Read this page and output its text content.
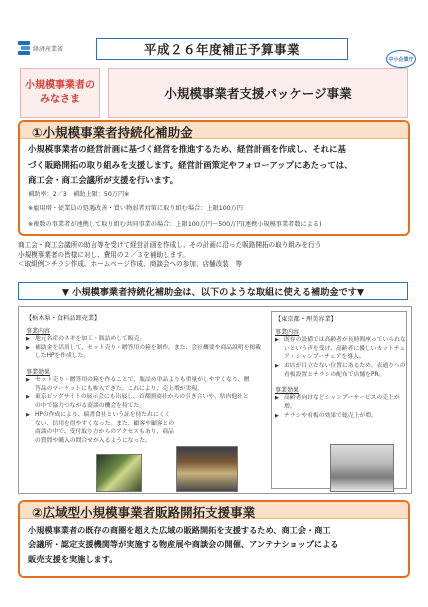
経済産業省	平成２６年度補正予算事業
中小企業庁
小規模事業者の
みなさま	小規模事業者支援パッケージ事業
①小規模事業者持続化補助金
小規模事業者の経営計画に基づく経営を推進するため、経営計画を作成し、それに基
づく販路開拓の取り組みを支援します。経営計画策定やフォローアップにあたっては、
商工会・商工会議所が支援を行います。
補助率：2／3　補助上限：50万円※
※雇用増・従業員の処遇改善・買い物弱者対策に取り組む場合：上限100万円
※複数の事業者が連携して取り組む共同事業の場合：上限100万円～500万円(連携小規模事業者数による)
商工会・商工会議所の助言等を受けて経営計画を作成し、その計画に沿った販路開拓の取り組みを行う
小規模事業者の皆様に対し、費用の２／３を補助します。
＜取組例＞チラシ作成、ホームページ作成、商談会への参加、店舗改装　等
▼ 小規模事業者持続化補助金は、以下のような取組に使える補助金です▼
【栃木県・食料品卸売業】
事業内容
▶ 地元名産のネギを加工・瓶詰めして販売。
▶ 補助金を活用して、セット売り・贈答用の箱を制作。また、会社概要や商品説明を掲載したHPを作成した。
事業効果
▶ セット売り・贈答用の箱を作ることで、瓶詰め単品よりも重量がしやすくなり、贈答品のマーケットにも参入できた。これにより、売上増が実現。
▶ 東京ビッグサイトの展示会にも出展し、首都圏商社からの引き合いや、県内他社との中で協力つながる商談の機会を持てた。
▶ HPの作成により、瑞書食社という証を持たれにくくない、信用を得やすくなった。また、顧客や顧客との商談の中で、受付取り方からのアクセスもあり、商品の質問や購入の問合せが入るようになった。
【東京都・理美容業】
事業内容
▶ 既存の設備では高齢者が長時間座っていられないという声を受け、高齢者に優しいカットチェア・シャンプーチェアを導入。
▶ お店が目立たない位置にあるため、表通りへの看板設置とチラシの配布で店舗をPR。
事業効果
▶ 高齢者向けなどシャンプーサービスの売上が増。
▶ チラシや看板の効果で総売上が増。
②広域型小規模事業者販路開拓支援事業
小規模事業者の既存の商圏を超えた広域の販路開拓を支援するため、商工会・商工
会議所・認定支援機関等が実施する物産展や商談会の開催、アンテナショップによる
販売支援を実施します。
